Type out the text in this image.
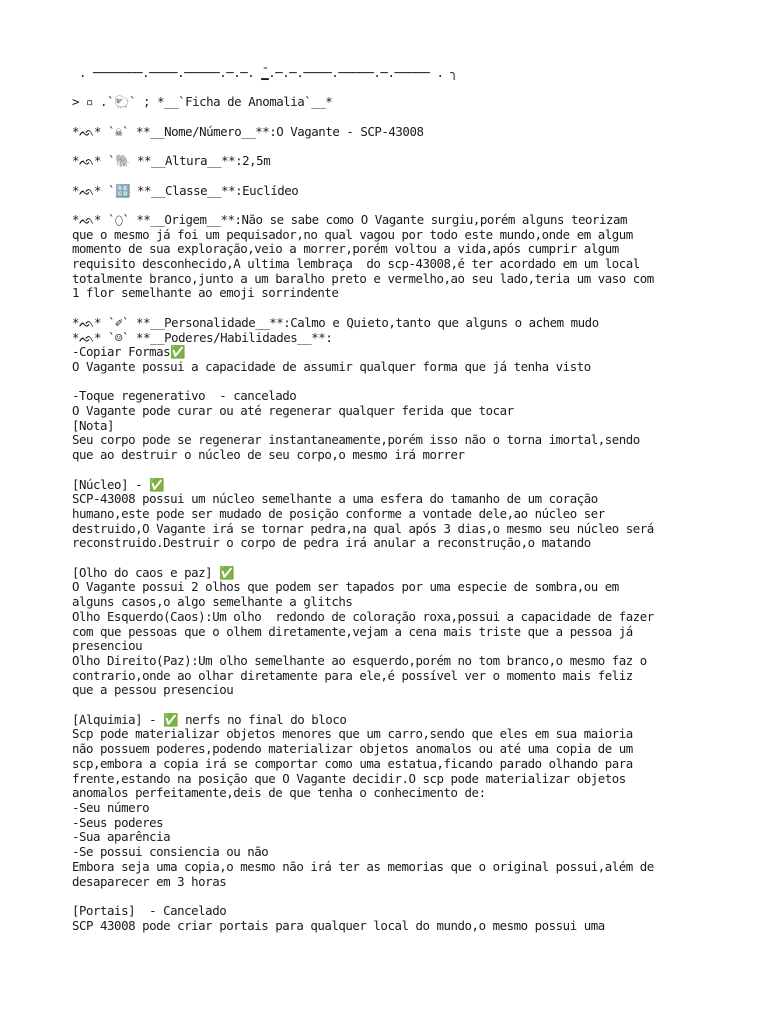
. ───────.────.─────.─.─. ̄▁.─.─.────.─────.─.───── . ╮
> ▫ .`🐑` ; *__`Ficha de Anomalia`__*
*ᨒ* `☠` **__Nome/Número__**:O Vagante - SCP-43008
*ᨒ* `🐘 **__Altura__**:2,5m
*ᨒ* `🔠 **__Classe__**:Euclídeo
*ᨒ* `⬯` **__Origem__**:Não se sabe como O Vagante surgiu,porém alguns teorizam
que o mesmo já foi um pequisador,no qual vagou por todo este mundo,onde em algum
momento de sua exploração,veio a morrer,porém voltou a vida,após cumprir algum
requisito desconhecido,A ultima lembraça  do scp-43008,é ter acordado em um local
totalmente branco,junto a um baralho preto e vermelho,ao seu lado,teria um vaso com
1 flor semelhante ao emoji sorrindente
*ᨒ* `✐` **__Personalidade__**:Calmo e Quieto,tanto que alguns o achem mudo
*ᨒ* `☺` **__Poderes/Habilidades__**:
-Copiar Formas✅
O Vagante possui a capacidade de assumir qualquer forma que já tenha visto
-Toque regenerativo  - cancelado
O Vagante pode curar ou até regenerar qualquer ferida que tocar
[Nota]
Seu corpo pode se regenerar instantaneamente,porém isso não o torna imortal,sendo
que ao destruir o núcleo de seu corpo,o mesmo irá morrer
[Núcleo] - ✅
SCP-43008 possui um núcleo semelhante a uma esfera do tamanho de um coração
humano,este pode ser mudado de posição conforme a vontade dele,ao núcleo ser
destruido,O Vagante irá se tornar pedra,na qual após 3 dias,o mesmo seu núcleo será
reconstruido.Destruir o corpo de pedra irá anular a reconstrução,o matando
[Olho do caos e paz] ✅
O Vagante possui 2 olhos que podem ser tapados por uma especie de sombra,ou em
alguns casos,o algo semelhante a glitchs
Olho Esquerdo(Caos):Um olho  redondo de coloração roxa,possui a capacidade de fazer
com que pessoas que o olhem diretamente,vejam a cena mais triste que a pessoa já
presenciou
Olho Direito(Paz):Um olho semelhante ao esquerdo,porém no tom branco,o mesmo faz o
contrario,onde ao olhar diretamente para ele,é possível ver o momento mais feliz
que a pessou presenciou
[Alquimia] - ✅ nerfs no final do bloco
Scp pode materializar objetos menores que um carro,sendo que eles em sua maioria
não possuem poderes,podendo materializar objetos anomalos ou até uma copia de um
scp,embora a copia irá se comportar como uma estatua,ficando parado olhando para
frente,estando na posição que O Vagante decidir.O scp pode materializar objetos
anomalos perfeitamente,deis de que tenha o conhecimento de:
-Seu número
-Seus poderes
-Sua aparência
-Se possui consiencia ou não
Embora seja uma copia,o mesmo não irá ter as memorias que o original possui,além de
desaparecer em 3 horas
[Portais]  - Cancelado
SCP 43008 pode criar portais para qualquer local do mundo,o mesmo possui uma
